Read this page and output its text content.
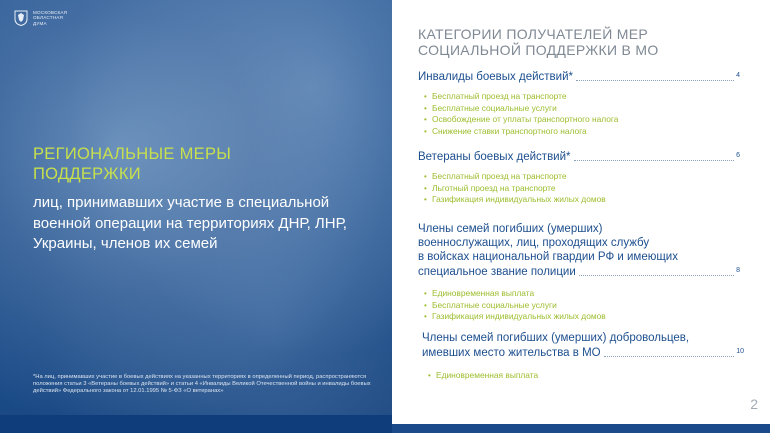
МОСКОВСКАЯ
ОБЛАСТНАЯ
ДУМА
РЕГИОНАЛЬНЫЕ МЕРЫ ПОДДЕРЖКИ
лиц, принимавших участие в специальной военной операции на территориях ДНР, ЛНР, Украины, членов их семей
*На лиц, принимавших участие в боевых действиях на указанных территориях в определенный период, распространяются положения статьи 3 «Ветераны боевых действий» и статьи 4 «Инвалиды Великой Отечественной войны и инвалиды боевых действий» Федерального закона от 12.01.1995 № 5-ФЗ «О ветеранах»
КАТЕГОРИИ ПОЛУЧАТЕЛЕЙ МЕР СОЦИАЛЬНОЙ ПОДДЕРЖКИ В МО
Инвалиды боевых действий*	4
• Бесплатный проезд на транспорте
• Бесплатные социальные услуги
• Освобождение от уплаты транспортного налога
• Снижение ставки транспортного налога
Ветераны боевых действий*	6
• Бесплатный проезд на транспорте
• Льготный проезд на транспорте
• Газификация индивидуальных жилых домов
Члены семей погибших (умерших)
военнослужащих, лиц, проходящих службу
в войсках национальной гвардии РФ и имеющих
специальное звание полиции	8
• Единовременная выплата
• Бесплатные социальные услуги
• Газификация индивидуальных жилых домов
Члены семей погибших (умерших) добровольцев,
имевших место жительства в МО	10
• Единовременная выплата
2
